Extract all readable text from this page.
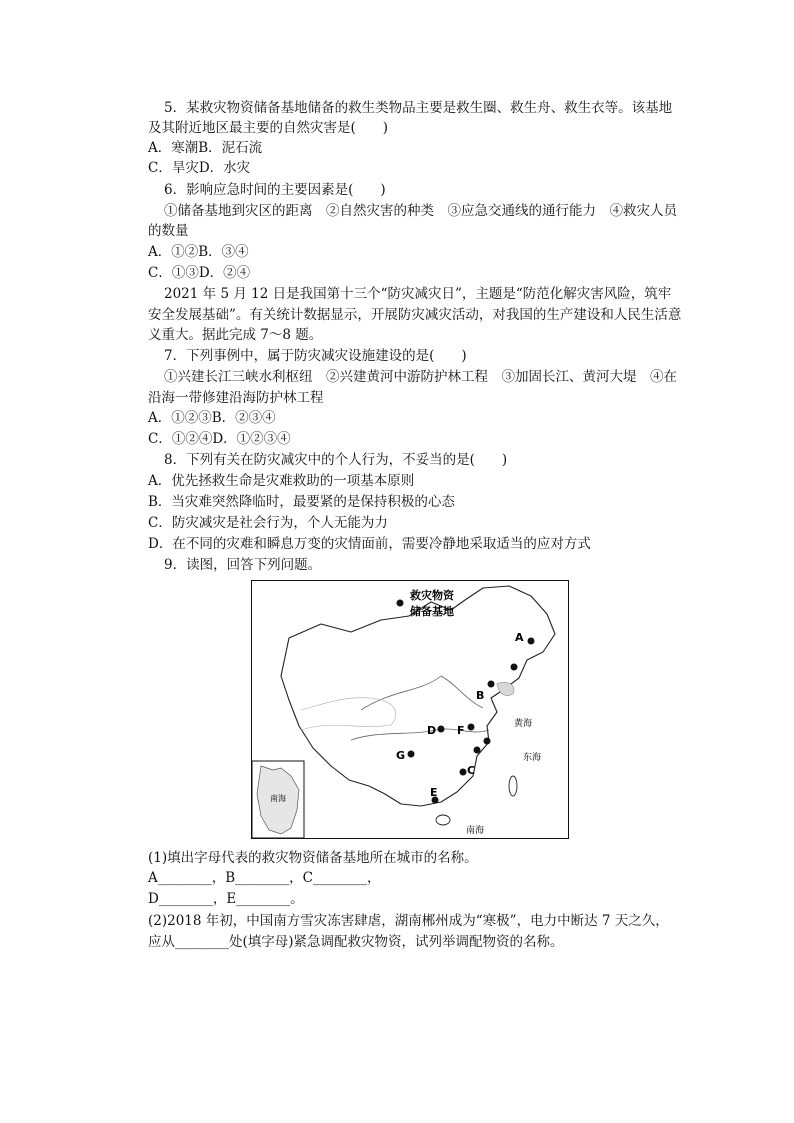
5．某救灾物资储备基地储备的救生类物品主要是救生圈、救生舟、救生衣等。该基地
及其附近地区最主要的自然灾害是(　　)
A．寒潮B．泥石流
C．旱灾D．水灾
6．影响应急时间的主要因素是(　　)
①储备基地到灾区的距离　②自然灾害的种类　③应急交通线的通行能力　④救灾人员
的数量
A．①②B．③④
C．①③D．②④
2021 年 5 月 12 日是我国第十三个“防灾减灾日”，主题是“防范化解灾害风险，筑牢
安全发展基础”。有关统计数据显示，开展防灾减灾活动，对我国的生产建设和人民生活意
义重大。据此完成 7～8 题。
7．下列事例中，属于防灾减灾设施建设的是(　　)
①兴建长江三峡水利枢纽　②兴建黄河中游防护林工程　③加固长江、黄河大堤　④在
沿海一带修建沿海防护林工程
A．①②③B．②③④
C．①②④D．①②③④
8．下列有关在防灾减灾中的个人行为，不妥当的是(　　)
A．优先拯救生命是灾难救助的一项基本原则
B．当灾难突然降临时，最要紧的是保持积极的心态
C．防灾减灾是社会行为，个人无能为力
D．在不同的灾难和瞬息万变的灾情面前，需要冷静地采取适当的应对方式
9．读图，回答下列问题。
救灾物资
储备基地
A
B
D F
G
C
E
黄海
东海
南海
南海
(1)填出字母代表的救灾物资储备基地所在城市的名称。
A________，B________，C________，
D________，E________。
(2)2018 年初，中国南方雪灾冻害肆虐，湖南郴州成为“寒极”，电力中断达 7 天之久，
应从________处(填字母)紧急调配救灾物资，试列举调配物资的名称。
